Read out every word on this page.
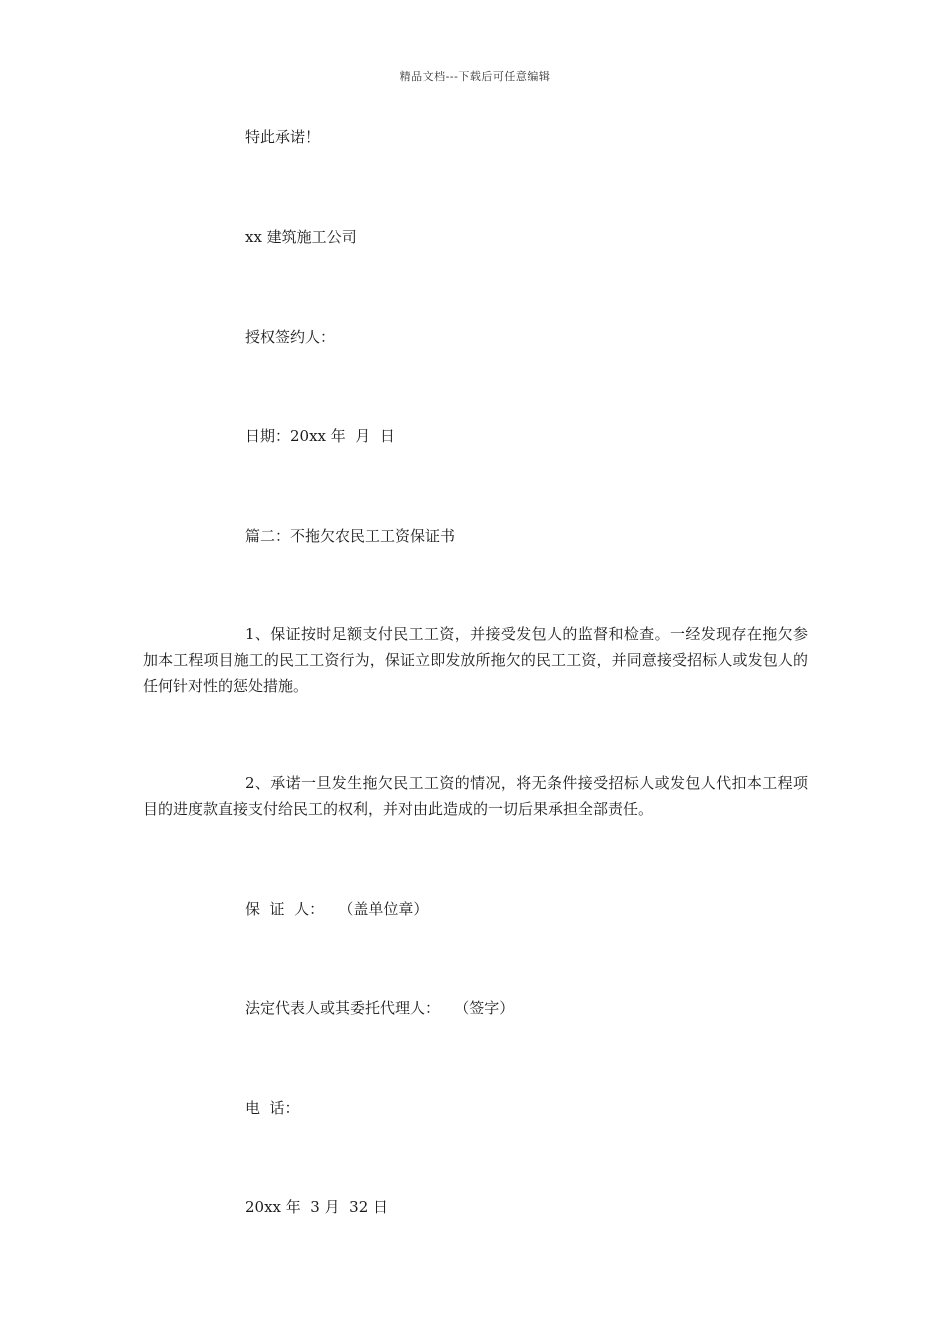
精品文档---下载后可任意编辑
特此承诺！
xx 建筑施工公司
授权签约人：
日期：20xx 年  月  日
篇二：不拖欠农民工工资保证书
1、保证按时足额支付民工工资，并接受发包人的监督和检查。一经发现存在拖欠参加本工程项目施工的民工工资行为，保证立即发放所拖欠的民工工资，并同意接受招标人或发包人的任何针对性的惩处措施。
2、承诺一旦发生拖欠民工工资的情况，将无条件接受招标人或发包人代扣本工程项目的进度款直接支付给民工的权利，并对由此造成的一切后果承担全部责任。
保  证  人：   （盖单位章）
法定代表人或其委托代理人：   （签字）
电  话：
20xx 年  3 月  32 日
